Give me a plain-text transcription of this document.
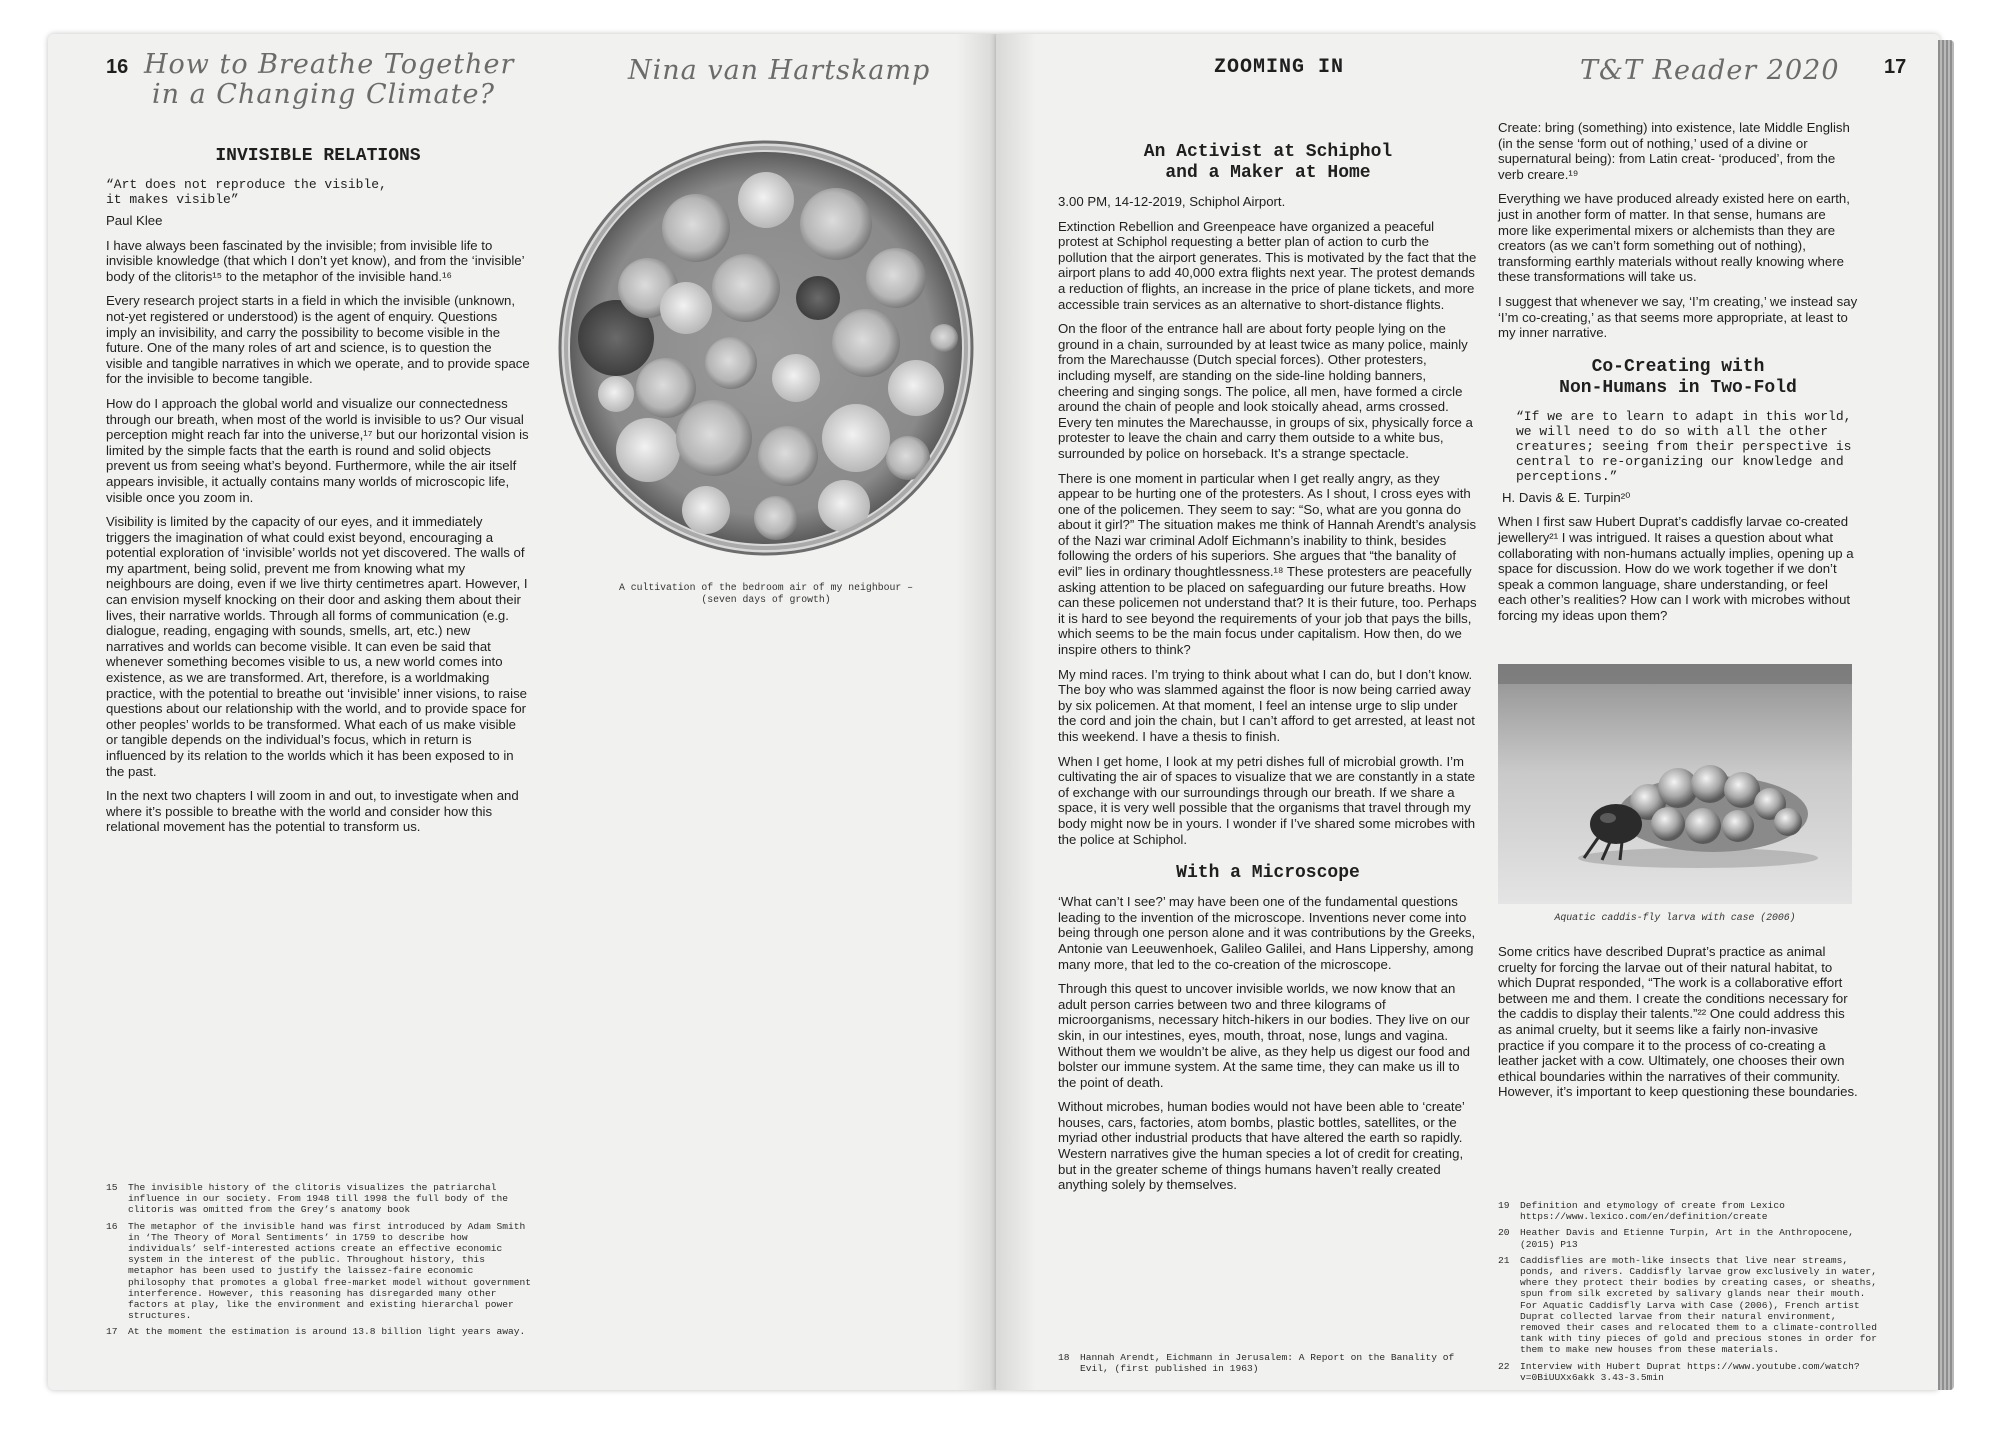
16 How to Breathe Together
in a Changing Climate?
Nina van Hartskamp
INVISIBLE RELATIONS
“Art does not reproduce the visible,
it makes visible”

Paul Klee

I have always been fascinated by the invisible; from invisible life to invisible knowledge (that which I don’t yet know), and from the ‘invisible’ body of the clitoris¹⁵ to the metaphor of the invisible hand.¹⁶

Every research project starts in a field in which the invisible (unknown, not-yet registered or understood) is the agent of enquiry. Questions imply an invisibility, and carry the possibility to become visible in the future. One of the many roles of art and science, is to question the visible and tangible narratives in which we operate, and to provide space for the invisible to become tangible.

How do I approach the global world and visualize our connectedness through our breath, when most of the world is invisible to us? Our visual perception might reach far into the universe,¹⁷ but our horizontal vision is limited by the simple facts that the earth is round and solid objects prevent us from seeing what’s beyond. Furthermore, while the air itself appears invisible, it actually contains many worlds of microscopic life, visible once you zoom in.

Visibility is limited by the capacity of our eyes, and it immediately triggers the imagination of what could exist beyond, encouraging a potential exploration of ‘invisible’ worlds not yet discovered. The walls of my apartment, being solid, prevent me from knowing what my neighbours are doing, even if we live thirty centimetres apart. However, I can envision myself knocking on their door and asking them about their lives, their narrative worlds. Through all forms of communication (e.g. dialogue, reading, engaging with sounds, smells, art, etc.) new narratives and worlds can become visible. It can even be said that whenever something becomes visible to us, a new world comes into existence, as we are transformed. Art, therefore, is a worldmaking practice, with the potential to breathe out ‘invisible’ inner visions, to raise questions about our relationship with the world, and to provide space for other peoples’ worlds to be transformed. What each of us make visible or tangible depends on the individual’s focus, which in return is influenced by its relation to the worlds which it has been exposed to in the past.

In the next two chapters I will zoom in and out, to investigate when and where it’s possible to breathe with the world and consider how this relational movement has the potential to transform us.

A cultivation of the bedroom air of my neighbour –
(seven days of growth)
15	The invisible history of the clitoris visualizes the patriarchal influence in our society. From 1948 till 1998 the full body of the clitoris was omitted from the Grey’s anatomy book
16	The metaphor of the invisible hand was first introduced by Adam Smith in ‘The Theory of Moral Sentiments’ in 1759 to describe how individuals’ self-interested actions create an effective economic system in the interest of the public. Throughout history, this metaphor has been used to justify the laissez-faire economic philosophy that promotes a global free-market model without government interference. However, this reasoning has disregarded many other factors at play, like the environment and existing hierarchal power structures.
17	At the moment the estimation is around 13.8 billion light years away.
ZOOMING IN	T&T Reader 2020 17
An Activist at Schiphol
and a Maker at Home

3.00 PM, 14-12-2019, Schiphol Airport.

Extinction Rebellion and Greenpeace have organized a peaceful protest at Schiphol requesting a better plan of action to curb the pollution that the airport generates. This is motivated by the fact that the airport plans to add 40,000 extra flights next year. The protest demands a reduction of flights, an increase in the price of plane tickets, and more accessible train services as an alternative to short-distance flights.

On the floor of the entrance hall are about forty people lying on the ground in a chain, surrounded by at least twice as many police, mainly from the Marechausse (Dutch special forces). Other protesters, including myself, are standing on the side-line holding banners, cheering and singing songs. The police, all men, have formed a circle around the chain of people and look stoically ahead, arms crossed. Every ten minutes the Marechausse, in groups of six, physically force a protester to leave the chain and carry them outside to a white bus, surrounded by police on horseback. It’s a strange spectacle.

There is one moment in particular when I get really angry, as they appear to be hurting one of the protesters. As I shout, I cross eyes with one of the policemen. They seem to say: “So, what are you gonna do about it girl?” The situation makes me think of Hannah Arendt’s analysis of the Nazi war criminal Adolf Eichmann’s inability to think, besides following the orders of his superiors. She argues that “the banality of evil” lies in ordinary thoughtlessness.¹⁸ These protesters are peacefully asking attention to be placed on safeguarding our future breaths. How can these policemen not understand that? It is their future, too. Perhaps it is hard to see beyond the requirements of your job that pays the bills, which seems to be the main focus under capitalism. How then, do we inspire others to think?

My mind races. I’m trying to think about what I can do, but I don’t know. The boy who was slammed against the floor is now being carried away by six policemen. At that moment, I feel an intense urge to slip under the cord and join the chain, but I can’t afford to get arrested, at least not this weekend. I have a thesis to finish.

When I get home, I look at my petri dishes full of microbial growth. I’m cultivating the air of spaces to visualize that we are constantly in a state of exchange with our surroundings through our breath. If we share a space, it is very well possible that the organisms that travel through my body might now be in yours. I wonder if I’ve shared some microbes with the police at Schiphol.

With a Microscope

‘What can’t I see?’ may have been one of the fundamental questions leading to the invention of the microscope. Inventions never come into being through one person alone and it was contributions by the Greeks, Antonie van Leeuwenhoek, Galileo Galilei, and Hans Lippershy, among many more, that led to the co-creation of the microscope.

Through this quest to uncover invisible worlds, we now know that an adult person carries between two and three kilograms of microorganisms, necessary hitch-hikers in our bodies. They live on our skin, in our intestines, eyes, mouth, throat, nose, lungs and vagina. Without them we wouldn’t be alive, as they help us digest our food and bolster our immune system. At the same time, they can make us ill to the point of death.

Without microbes, human bodies would not have been able to ‘create’ houses, cars, factories, atom bombs, plastic bottles, satellites, or the myriad other industrial products that have altered the earth so rapidly. Western narratives give the human species a lot of credit for creating, but in the greater scheme of things humans haven’t really created anything solely by themselves.

18	Hannah Arendt, Eichmann in Jerusalem: A Report on the Banality of Evil, (first published in 1963)

Create: bring (something) into existence, late Middle English (in the sense ‘form out of nothing,’ used of a divine or supernatural being): from Latin creat- ‘produced’, from the verb creare.¹⁹

Everything we have produced already existed here on earth, just in another form of matter. In that sense, humans are more like experimental mixers or alchemists than they are creators (as we can’t form something out of nothing), transforming earthly materials without really knowing where these transformations will take us.

I suggest that whenever we say, ‘I’m creating,’ we instead say ‘I’m co-creating,’ as that seems more appropriate, at least to my inner narrative.

Co-Creating with
Non-Humans in Two-Fold
“If we are to learn to adapt in this world, we will need to do so with all the other creatures; seeing from their perspective is central to re-organizing our knowledge and perceptions.”

H. Davis & E. Turpin²⁰

When I first saw Hubert Duprat’s caddisfly larvae co-created jewellery²¹ I was intrigued. It raises a question about what collaborating with non-humans actually implies, opening up a space for discussion. How do we work together if we don’t speak a common language, share understanding, or feel each other’s realities? How can I work with microbes without forcing my ideas upon them?

Aquatic caddis-fly larva with case (2006)

Some critics have described Duprat’s practice as animal cruelty for forcing the larvae out of their natural habitat, to which Duprat responded, “The work is a collaborative effort between me and them. I create the conditions necessary for the caddis to display their talents.”²² One could address this as animal cruelty, but it seems like a fairly non-invasive practice if you compare it to the process of co-creating a leather jacket with a cow. Ultimately, one chooses their own ethical boundaries within the narratives of their community. However, it’s important to keep questioning these boundaries.

19	Definition and etymology of create from Lexico https://www.lexico.com/en/definition/create
20	Heather Davis and Etienne Turpin, Art in the Anthropocene, (2015) P13
21	Caddisflies are moth-like insects that live near streams, ponds, and rivers. Caddisfly larvae grow exclusively in water, where they protect their bodies by creating cases, or sheaths, spun from silk excreted by salivary glands near their mouth. For Aquatic Caddisfly Larva with Case (2006), French artist Duprat collected larvae from their natural environment, removed their cases and relocated them to a climate-controlled tank with tiny pieces of gold and precious stones in order for them to make new houses from these materials.
22	Interview with Hubert Duprat https://www.youtube.com/watch?v=0BiUUXx6akk 3.43-3.5min
